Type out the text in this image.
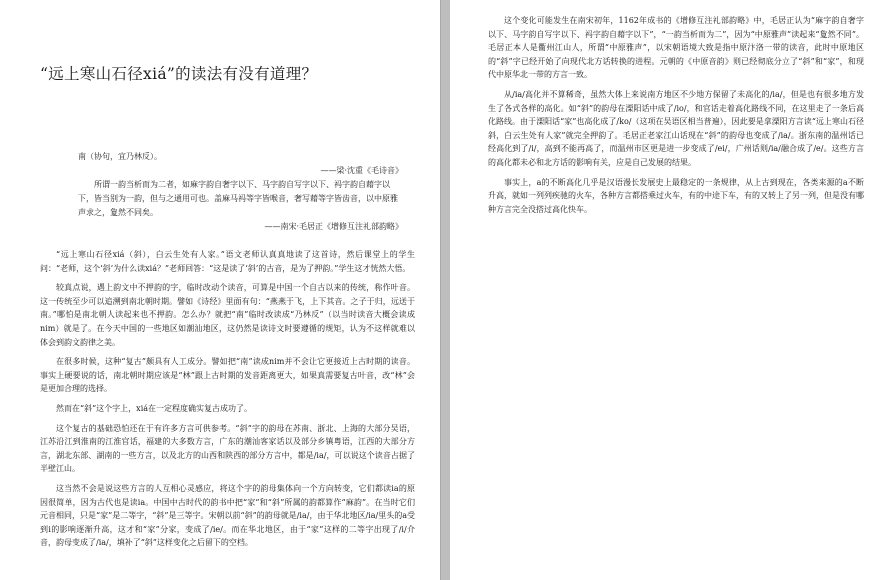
“远上寒山石径xiá”的读法有没有道理？

南（协句，宜乃林反）。

——梁·沈重《毛诗音》

所谓一韵当析而为二者，如麻字韵自奢字以下、马字韵自写字以下、祃字韵自藉字以下，皆当别为一韵，但与之通用可也。盖麻马祃等字皆喉音，奢写藉等字皆齿音，以中原雅声求之，夐然不同矣。

——南宋·毛居正《增修互注礼部韵略》

“远上寒山石径xiá（斜），白云生处有人家。”语文老师认真真地读了这首诗，然后课堂上的学生问：“老师，这个‘斜’为什么读xiá？”老师回答：“这是读了‘斜’的古音，是为了押韵。”学生这才恍然大悟。

较真点说，遇上韵文中不押韵的字，临时改动个读音，可算是中国一个自古以来的传统，称作叶音。这一传统至少可以追溯到南北朝时期。譬如《诗经》里面有句：“燕燕于飞，上下其音。之子于归，远送于南。”哪怕是南北朝人读起来也不押韵。怎么办？就把“南”临时改读成“乃林反”（以当时读音大概会读成nim）就是了。在今天中国的一些地区如潮汕地区，这仍然是读诗文时要遵循的规矩，认为不这样就难以体会到韵文韵律之美。

在很多时候，这种“复古”颇具有人工成分。譬如把“南”读成nim并不会让它更接近上古时期的读音。事实上硬要说的话，南北朝时期应该是“林”跟上古时期的发音距离更大，如果真需要复古叶音，改“林”会是更加合理的选择。

然而在“斜”这个字上，xiá在一定程度确实复古成功了。

这个复古的基础恐怕还在于有许多方言可供参考。“斜”字的韵母在苏南、浙北、上海的大部分吴语，江苏沿江到淮南的江淮官话，福建的大多数方言，广东的潮汕客家话以及部分乡镇粤语，江西的大部分方言，湖北东部、湖南的一些方言，以及北方的山西和陕西的部分方言中，都是/ia/，可以说这个读音占据了半壁江山。

这当然不会是说这些方言的人互相心灵感应，将这个字的韵母集体向一个方向转变，它们都读ia的原因很简单，因为古代也是读ia。中国中古时代的韵书中把“家”和“斜”所属的韵都算作“麻韵”。在当时它们元音相同，只是“家”是二等字，“斜”是三等字。宋朝以前“斜”的韵母就是/ia/，由于华北地区/ia/里头的a受到i的影响逐渐升高，这才和“家”分家，变成了/ie/。而在华北地区，由于“家”这样的二等字出现了/i/介音，韵母变成了/ia/，填补了“斜”这样变化之后留下的空档。

这个变化可能发生在南宋初年，1162年成书的《增修互注礼部韵略》中，毛居正认为“麻字韵自奢字以下、马字韵自写字以下、祃字韵自藉字以下”，“一韵当析而为二”，因为“中原雅声”读起来“夐然不同”。毛居正本人是衢州江山人，所谓“中原雅声”，以宋朝语境大致是指中原汴洛一带的读音，此时中原地区的“斜”字已经开始了向现代北方话转换的进程。元朝的《中原音韵》则已经彻底分立了“斜”和“家”，和现代中原华北一带的方言一致。

从/ia/高化并不算稀奇，虽然大体上来说南方地区不少地方保留了未高化的/ia/，但是也有很多地方发生了各式各样的高化。如“斜”的韵母在溧阳话中成了/io/，和官话走着高化路线不同，在这里走了一条后高化路线。由于溧阳话“家”也高化成了/ko/（这项在吴语区相当普遍），因此要是拿溧阳方言读“远上寒山石径斜，白云生处有人家”就完全押韵了。毛居正老家江山话现在“斜”的韵母也变成了/ia/。浙东南的温州话已经高化到了/i/，高到不能再高了，而温州市区更是进一步变成了/ei/，广州话则/ia/融合成了/e/。这些方言的高化都未必和北方话的影响有关，应是自己发展的结果。

事实上，a的不断高化几乎是汉语漫长发展史上最稳定的一条规律，从上古到现在，各类来源的a不断升高，就如一列列疾驰的火车，各种方言都搭乘过火车，有的中途下车，有的又转上了另一列，但是没有哪种方言完全没搭过高化快车。
